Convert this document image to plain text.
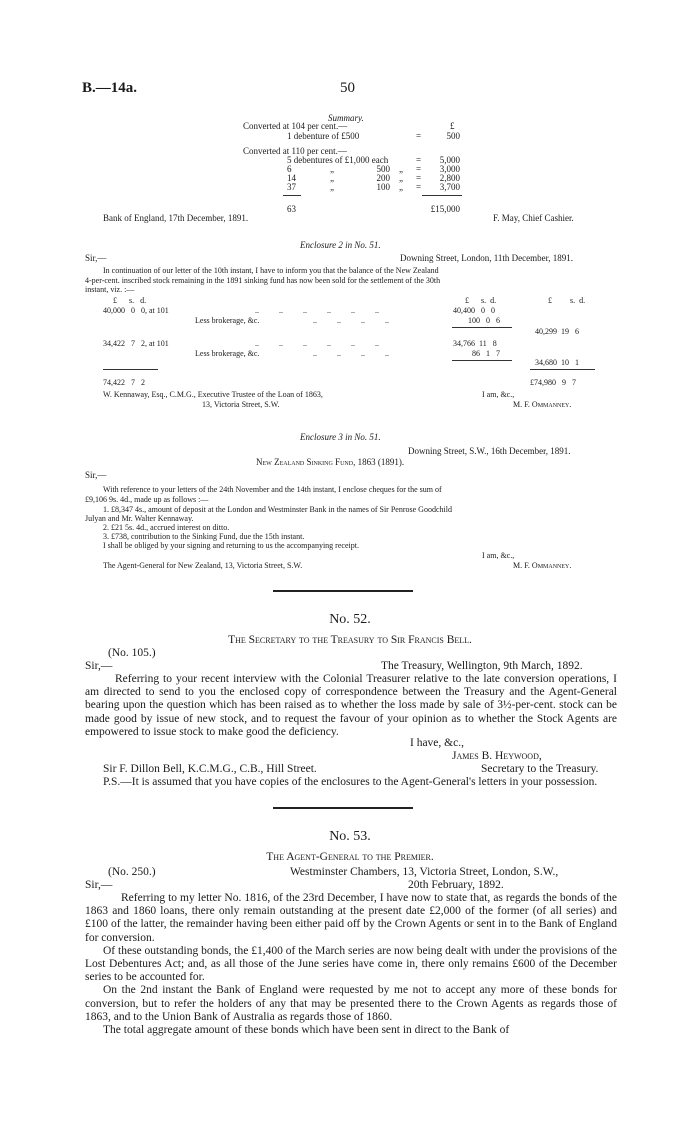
B.—14a.	50
Summary.
£
Converted at 104 per cent.—
1 debenture of £500	=	500
Converted at 110 per cent.—
5 debentures of £1,000 each	=	5,000
6	„	500 „ =	3,000
14	„	200 „ =	2,800
37	„	100 „ =	3,700
63	£15,000
Bank of England, 17th December, 1891.	F. May, Chief Cashier.
Enclosure 2 in No. 51.
Sir,—	Downing Street, London, 11th December, 1891.
In continuation of our letter of the 10th instant, I have to inform you that the balance of the New Zealand
4-per-cent. inscribed stock remaining in the 1891 sinking fund has now been sold for the settlement of the 30th
instant, viz. :—
£      s.   d.	£      s.  d.	£         s.  d.
40,000   0   0, at 101	..          ..          ..          ..          ..          ..	40,400   0   0
Less brokerage, &c.	..          ..          ..          ..	100   0   6
40,299  19   6
34,422   7   2, at 101	..          ..          ..          ..          ..          ..	34,766  11   8
Less brokerage, &c.	..          ..          ..          ..	86   1   7
34,680  10   1
74,422   7   2	£74,980   9   7
W. Kennaway, Esq., C.M.G., Executive Trustee of the Loan of 1863,	I am, &c.,
13, Victoria Street, S.W.	M. F. Ommanney.
Enclosure 3 in No. 51.
Downing Street, S.W., 16th December, 1891.
New Zealand Sinking Fund, 1863 (1891).
Sir,—
With reference to your letters of the 24th November and the 14th instant, I enclose cheques for the sum of
£9,106 9s. 4d., made up as follows :—
1. £8,347 4s., amount of deposit at the London and Westminster Bank in the names of Sir Penrose Goodchild
Julyan and Mr. Walter Kennaway.
2. £21 5s. 4d., accrued interest on ditto.
3. £738, contribution to the Sinking Fund, due the 15th instant.
I shall be obliged by your signing and returning to us the accompanying receipt.
I am, &c.,
The Agent-General for New Zealand, 13, Victoria Street, S.W.	M. F. Ommanney.
No. 52.
The Secretary to the Treasury to Sir Francis Bell.
(No. 105.)
Sir,—	The Treasury, Wellington, 9th March, 1892.

Referring to your recent interview with the Colonial Treasurer relative to the late conversion operations, I am directed to send to you the enclosed copy of correspondence between the Treasury and the Agent-General bearing upon the question which has been raised as to whether the loss made by sale of 3½-per-cent. stock can be made good by issue of new stock, and to request the favour of your opinion as to whether the Stock Agents are empowered to issue stock to make good the deficiency.

I have, &c.,
James B. Heywood,
Sir F. Dillon Bell, K.C.M.G., C.B., Hill Street.	Secretary to the Treasury.

P.S.—It is assumed that you have copies of the enclosures to the Agent-General's letters in your possession.

No. 53.
The Agent-General to the Premier.
(No. 250.)	Westminster Chambers, 13, Victoria Street, London, S.W.,
Sir,—	20th February, 1892.

Referring to my letter No. 1816, of the 23rd December, I have now to state that, as regards the bonds of the 1863 and 1860 loans, there only remain outstanding at the present date £2,000 of the former (of all series) and £100 of the latter, the remainder having been either paid off by the Crown Agents or sent in to the Bank of England for conversion.

Of these outstanding bonds, the £1,400 of the March series are now being dealt with under the provisions of the Lost Debentures Act; and, as all those of the June series have come in, there only remains £600 of the December series to be accounted for.

On the 2nd instant the Bank of England were requested by me not to accept any more of these bonds for conversion, but to refer the holders of any that may be presented there to the Crown Agents as regards those of 1863, and to the Union Bank of Australia as regards those of 1860.

The total aggregate amount of these bonds which have been sent in direct to the Bank of
